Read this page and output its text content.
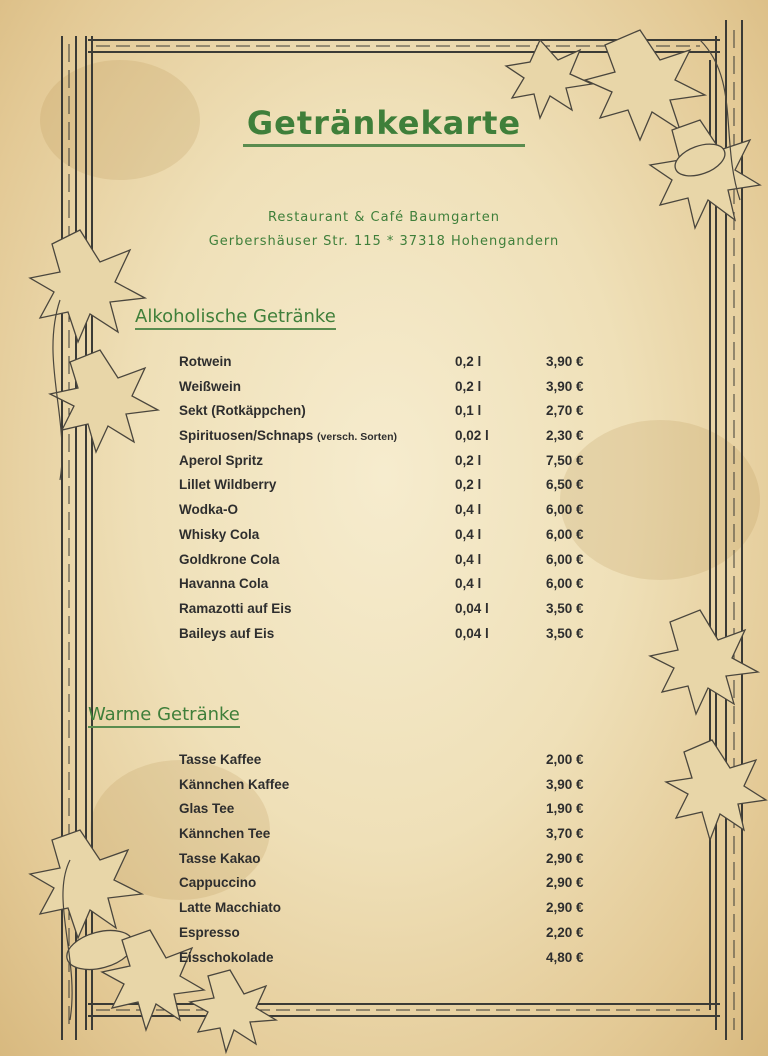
Getränkekarte
Restaurant & Café Baumgarten
Gerbershäuser Str. 115 * 37318 Hohengandern
Alkoholische Getränke
Rotwein	0,2 l	3,90 €
Weißwein	0,2 l	3,90 €
Sekt (Rotkäppchen)	0,1 l	2,70 €
Spirituosen/Schnaps (versch. Sorten)	0,02 l	2,30 €
Aperol Spritz	0,2 l	7,50 €
Lillet Wildberry	0,2 l	6,50 €
Wodka-O	0,4 l	6,00 €
Whisky Cola	0,4 l	6,00 €
Goldkrone Cola	0,4 l	6,00 €
Havanna Cola	0,4 l	6,00 €
Ramazotti auf Eis	0,04 l	3,50 €
Baileys auf Eis	0,04 l	3,50 €
Warme Getränke
Tasse Kaffee	2,00 €
Kännchen Kaffee	3,90 €
Glas Tee	1,90 €
Kännchen Tee	3,70 €
Tasse Kakao	2,90 €
Cappuccino	2,90 €
Latte Macchiato	2,90 €
Espresso	2,20 €
Eisschokolade	4,80 €
